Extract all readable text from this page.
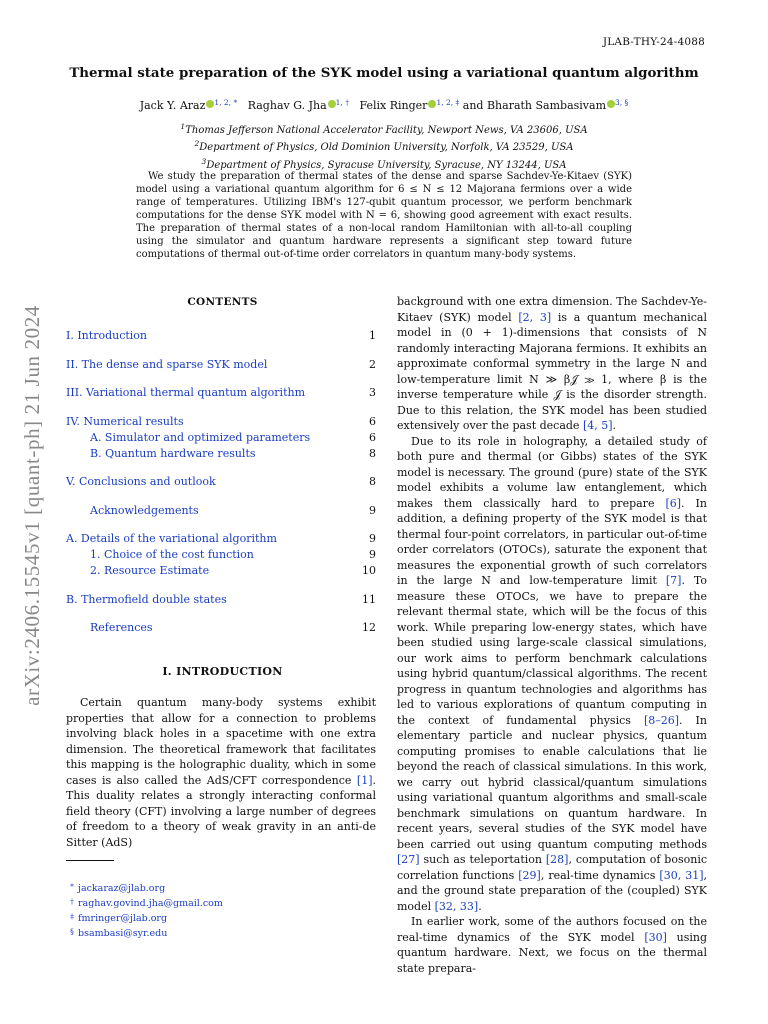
JLAB-THY-24-4088
arXiv:2406.15545v1 [quant-ph] 21 Jun 2024
Thermal state preparation of the SYK model using a variational quantum algorithm
Jack Y. Araz $^{1, 2, *}$ Raghav G. Jha $^{1, \dagger}$ Felix Ringer $^{1, 2, \ddagger}$ and Bharath Sambasivam $^{3, \S}$
$^1$Thomas Jefferson National Accelerator Facility, Newport News, VA 23606, USA
$^2$Department of Physics, Old Dominion University, Norfolk, VA 23529, USA
$^3$Department of Physics, Syracuse University, Syracuse, NY 13244, USA

We study the preparation of thermal states of the dense and sparse Sachdev-Ye-Kitaev (SYK) model using a variational quantum algorithm for 6 ≤ N ≤ 12 Majorana fermions over a wide range of temperatures. Utilizing IBM's 127-qubit quantum processor, we perform benchmark computations for the dense SYK model with N = 6, showing good agreement with exact results. The preparation of thermal states of a non-local random Hamiltonian with all-to-all coupling using the simulator and quantum hardware represents a significant step toward future computations of thermal out-of-time order correlators in quantum many-body systems.

CONTENTS
I. Introduction	1
II. The dense and sparse SYK model	2
III. Variational thermal quantum algorithm	3
IV. Numerical results	6
A. Simulator and optimized parameters	6
B. Quantum hardware results	8
V. Conclusions and outlook	8
Acknowledgements	9
A. Details of the variational algorithm	9
1. Choice of the cost function	9
2. Resource Estimate	10
B. Thermofield double states	11
References	12
I. INTRODUCTION

Certain quantum many-body systems exhibit properties that allow for a connection to problems involving black holes in a spacetime with one extra dimension. The theoretical framework that facilitates this mapping is the holographic duality, which in some cases is also called the AdS/CFT correspondence [1]. This duality relates a strongly interacting conformal field theory (CFT) involving a large number of degrees of freedom to a theory of weak gravity in an anti-de Sitter (AdS)

background with one extra dimension. The Sachdev-Ye-Kitaev (SYK) model [2, 3] is a quantum mechanical model in (0 + 1)-dimensions that consists of N randomly interacting Majorana fermions. It exhibits an approximate conformal symmetry in the large N and low-temperature limit N ≫ β𝒥 ≫ 1, where β is the inverse temperature while 𝒥 is the disorder strength. Due to this relation, the SYK model has been studied extensively over the past decade [4, 5].

Due to its role in holography, a detailed study of both pure and thermal (or Gibbs) states of the SYK model is necessary. The ground (pure) state of the SYK model exhibits a volume law entanglement, which makes them classically hard to prepare [6]. In addition, a defining property of the SYK model is that thermal four-point correlators, in particular out-of-time order correlators (OTOCs), saturate the exponent that measures the exponential growth of such correlators in the large N and low-temperature limit [7]. To measure these OTOCs, we have to prepare the relevant thermal state, which will be the focus of this work. While preparing low-energy states, which have been studied using large-scale classical simulations, our work aims to perform benchmark calculations using hybrid quantum/classical algorithms. The recent progress in quantum technologies and algorithms has led to various explorations of quantum computing in the context of fundamental physics [8–26]. In elementary particle and nuclear physics, quantum computing promises to enable calculations that lie beyond the reach of classical simulations. In this work, we carry out hybrid classical/quantum simulations using variational quantum algorithms and small-scale benchmark simulations on quantum hardware. In recent years, several studies of the SYK model have been carried out using quantum computing methods [27] such as teleportation [28], computation of bosonic correlation functions [29], real-time dynamics [30, 31], and the ground state preparation of the (coupled) SYK model [32, 33].

In earlier work, some of the authors focused on the real-time dynamics of the SYK model [30] using quantum hardware. Next, we focus on the thermal state prepara-

* jackaraz@jlab.org
† raghav.govind.jha@gmail.com
‡ fmringer@jlab.org
§ bsambasi@syr.edu
